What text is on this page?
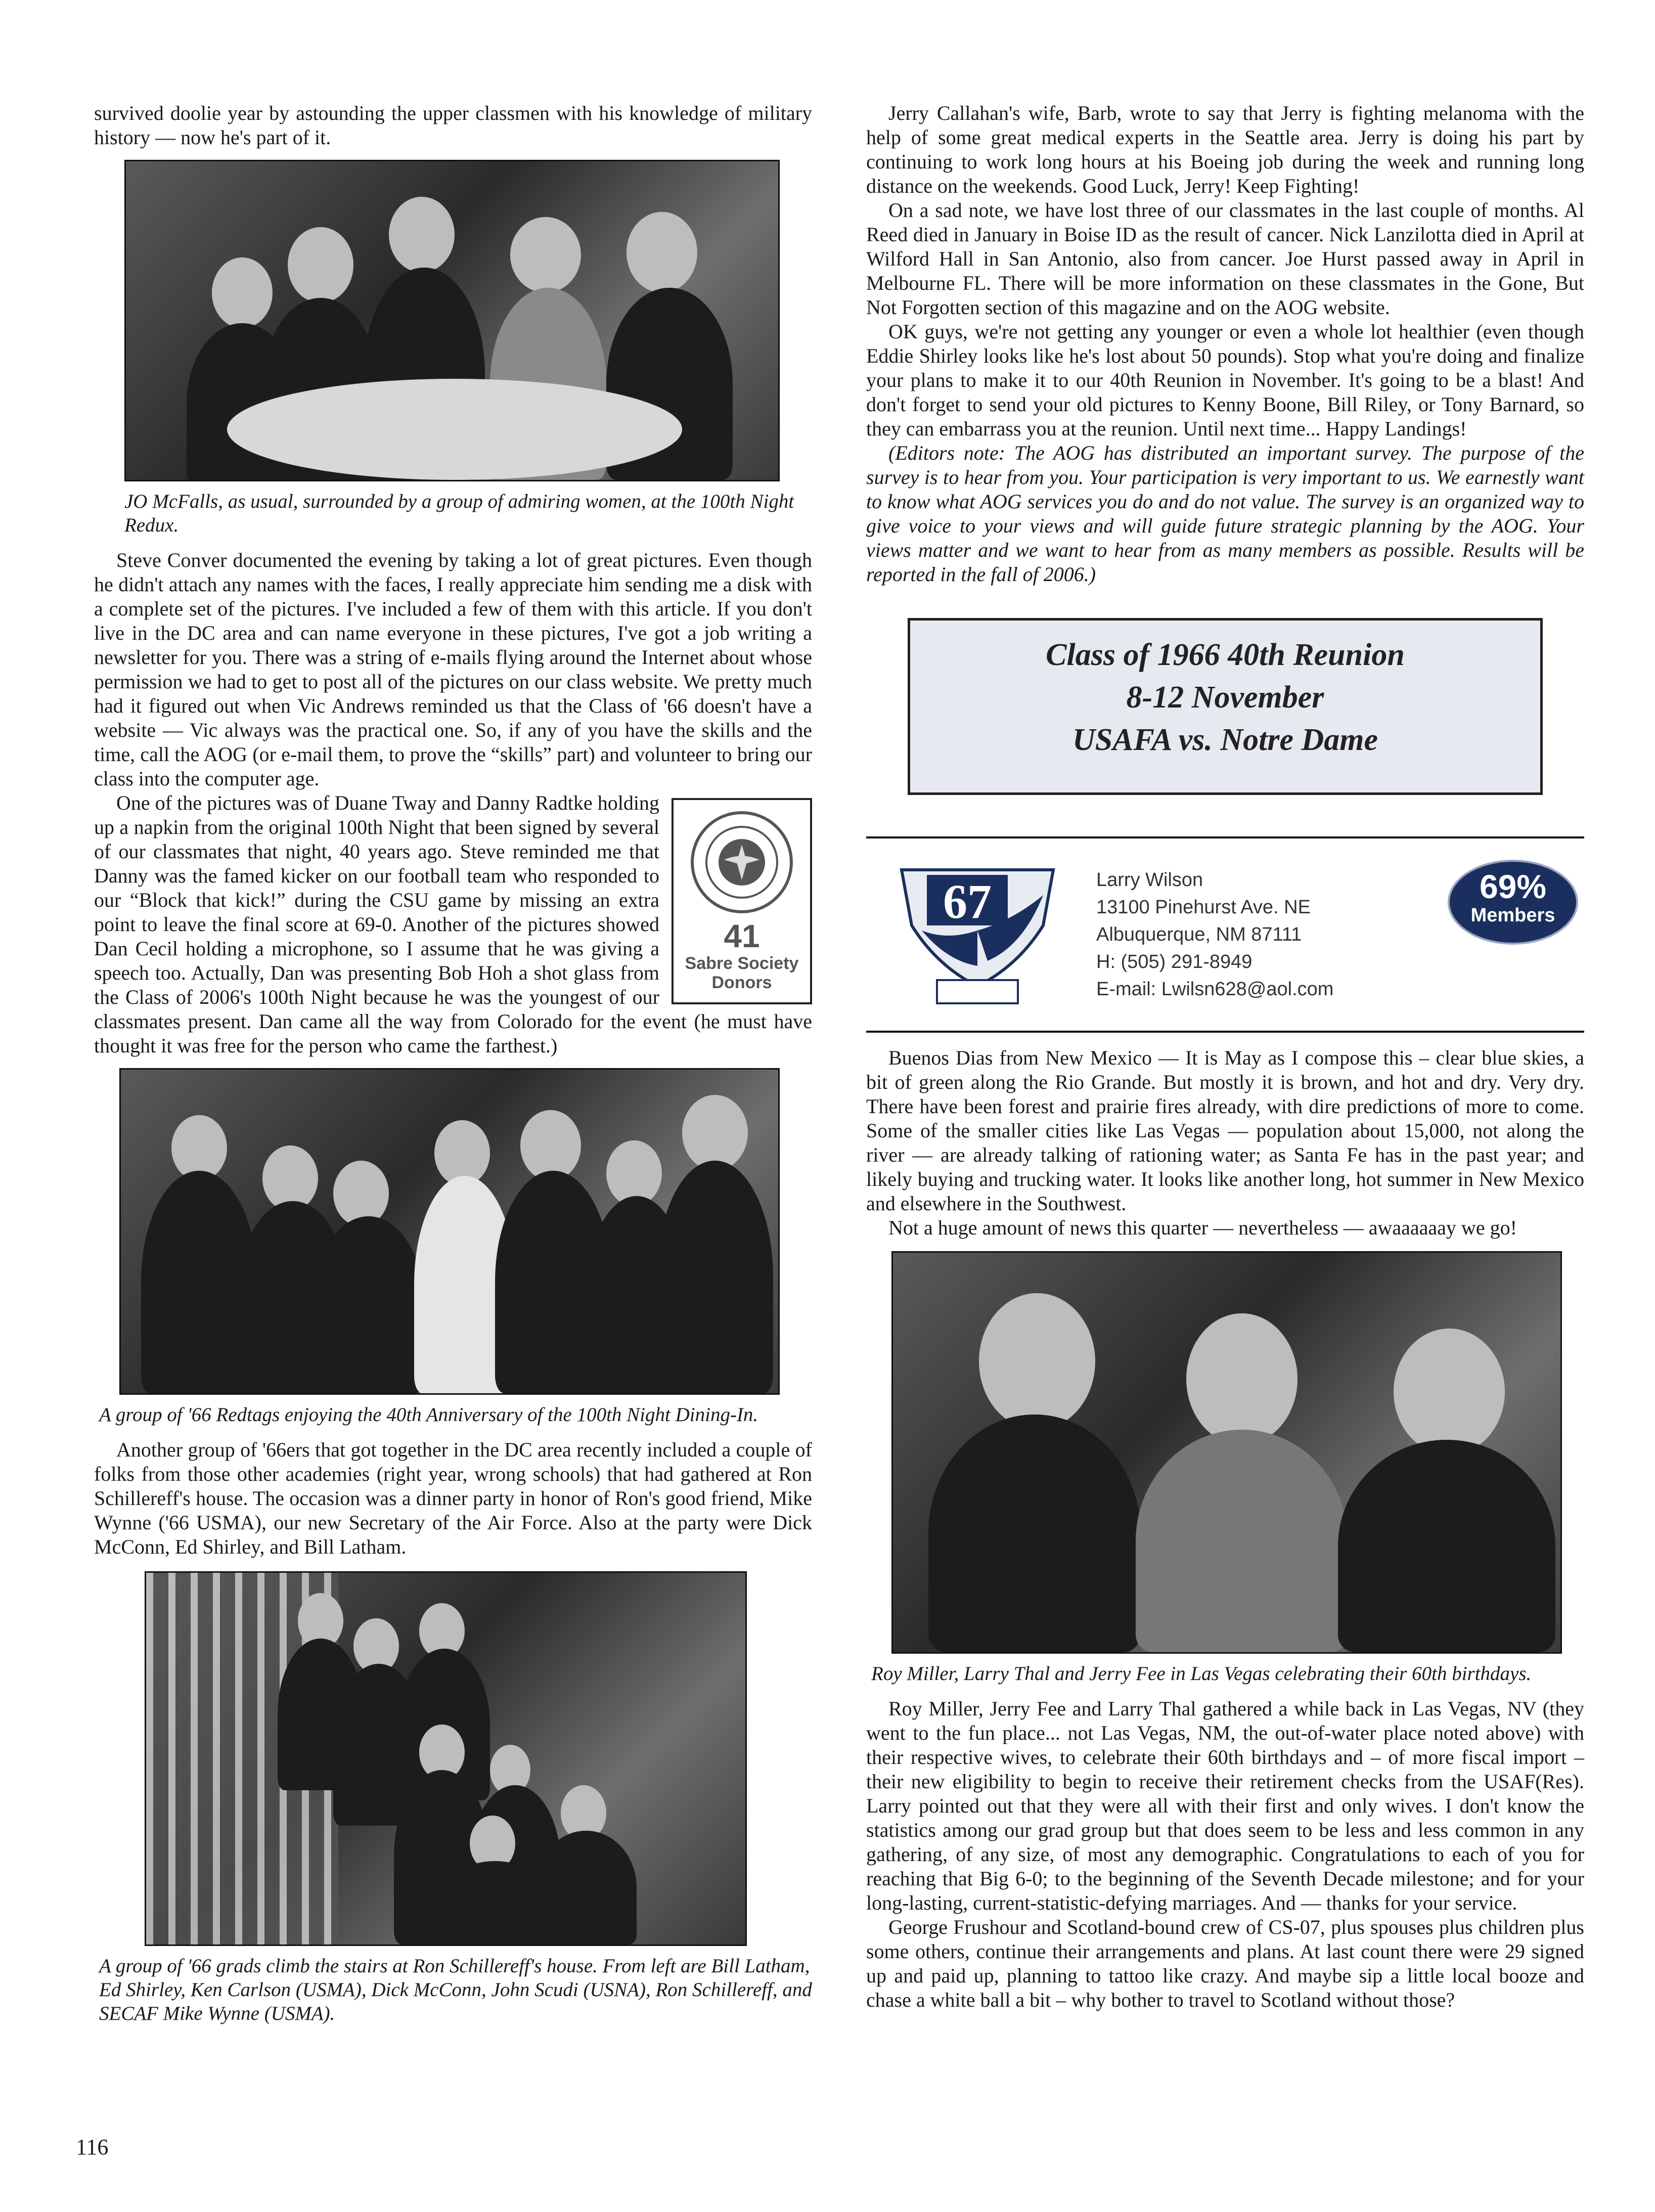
survived doolie year by astounding the upper classmen with his knowledge of military history — now he's part of it.

JO McFalls, as usual, surrounded by a group of admiring women, at the 100th Night Redux.

Steve Conver documented the evening by taking a lot of great pictures. Even though he didn't attach any names with the faces, I really appreciate him sending me a disk with a complete set of the pictures. I've included a few of them with this article. If you don't live in the DC area and can name everyone in these pictures, I've got a job writing a newsletter for you. There was a string of e-mails flying around the Internet about whose permission we had to get to post all of the pictures on our class website. We pretty much had it figured out when Vic Andrews reminded us that the Class of '66 doesn't have a website — Vic always was the practical one. So, if any of you have the skills and the time, call the AOG (or e-mail them, to prove the “skills” part) and volunteer to bring our class into the computer age.

41
Sabre Society
Donors

One of the pictures was of Duane Tway and Danny Radtke holding up a napkin from the original 100th Night that been signed by several of our classmates that night, 40 years ago. Steve reminded me that Danny was the famed kicker on our football team who responded to our “Block that kick!” during the CSU game by missing an extra point to leave the final score at 69-0. Another of the pictures showed Dan Cecil holding a microphone, so I assume that he was giving a speech too. Actually, Dan was presenting Bob Hoh a shot glass from the Class of 2006's 100th Night because he was the youngest of our classmates present. Dan came all the way from Colorado for the event (he must have thought it was free for the person who came the farthest.)

A group of '66 Redtags enjoying the 40th Anniversary of the 100th Night Dining-In.

Another group of '66ers that got together in the DC area recently included a couple of folks from those other academies (right year, wrong schools) that had gathered at Ron Schillereff's house. The occasion was a dinner party in honor of Ron's good friend, Mike Wynne ('66 USMA), our new Secretary of the Air Force. Also at the party were Dick McConn, Ed Shirley, and Bill Latham.

A group of '66 grads climb the stairs at Ron Schillereff's house. From left are Bill Latham, Ed Shirley, Ken Carlson (USMA), Dick McConn, John Scudi (USNA), Ron Schillereff, and SECAF Mike Wynne (USMA).

Jerry Callahan's wife, Barb, wrote to say that Jerry is fighting melanoma with the help of some great medical experts in the Seattle area. Jerry is doing his part by continuing to work long hours at his Boeing job during the week and running long distance on the weekends. Good Luck, Jerry! Keep Fighting!

On a sad note, we have lost three of our classmates in the last couple of months. Al Reed died in January in Boise ID as the result of cancer. Nick Lanzilotta died in April at Wilford Hall in San Antonio, also from cancer. Joe Hurst passed away in April in Melbourne FL. There will be more information on these classmates in the Gone, But Not Forgotten section of this magazine and on the AOG website.

OK guys, we're not getting any younger or even a whole lot healthier (even though Eddie Shirley looks like he's lost about 50 pounds). Stop what you're doing and finalize your plans to make it to our 40th Reunion in November. It's going to be a blast! And don't forget to send your old pictures to Kenny Boone, Bill Riley, or Tony Barnard, so they can embarrass you at the reunion. Until next time... Happy Landings!

(Editors note: The AOG has distributed an important survey. The purpose of the survey is to hear from you. Your participation is very important to us. We earnestly want to know what AOG services you do and do not value. The survey is an organized way to give voice to your views and will guide future strategic planning by the AOG. Your views matter and we want to hear from as many members as possible. Results will be reported in the fall of 2006.)

Class of 1966 40th Reunion
8-12 November
USAFA vs. Notre Dame
67	Larry Wilson
13100 Pinehurst Ave. NE
Albuquerque, NM 87111
H: (505) 291-8949
E-mail: Lwilsn628@aol.com
69%
Members

Buenos Dias from New Mexico — It is May as I compose this – clear blue skies, a bit of green along the Rio Grande. But mostly it is brown, and hot and dry. Very dry. There have been forest and prairie fires already, with dire predictions of more to come. Some of the smaller cities like Las Vegas — population about 15,000, not along the river — are already talking of rationing water; as Santa Fe has in the past year; and likely buying and trucking water. It looks like another long, hot summer in New Mexico and elsewhere in the Southwest.

Not a huge amount of news this quarter — nevertheless — awaaaaaay we go!

Roy Miller, Larry Thal and Jerry Fee in Las Vegas celebrating their 60th birthdays.

Roy Miller, Jerry Fee and Larry Thal gathered a while back in Las Vegas, NV (they went to the fun place... not Las Vegas, NM, the out-of-water place noted above) with their respective wives, to celebrate their 60th birthdays and – of more fiscal import – their new eligibility to begin to receive their retirement checks from the USAF(Res). Larry pointed out that they were all with their first and only wives. I don't know the statistics among our grad group but that does seem to be less and less common in any gathering, of any size, of most any demographic. Congratulations to each of you for reaching that Big 6-0; to the beginning of the Seventh Decade milestone; and for your long-lasting, current-statistic-defying marriages. And — thanks for your service.

George Frushour and Scotland-bound crew of CS-07, plus spouses plus children plus some others, continue their arrangements and plans. At last count there were 29 signed up and paid up, planning to tattoo like crazy. And maybe sip a little local booze and chase a white ball a bit – why bother to travel to Scotland without those?

116
